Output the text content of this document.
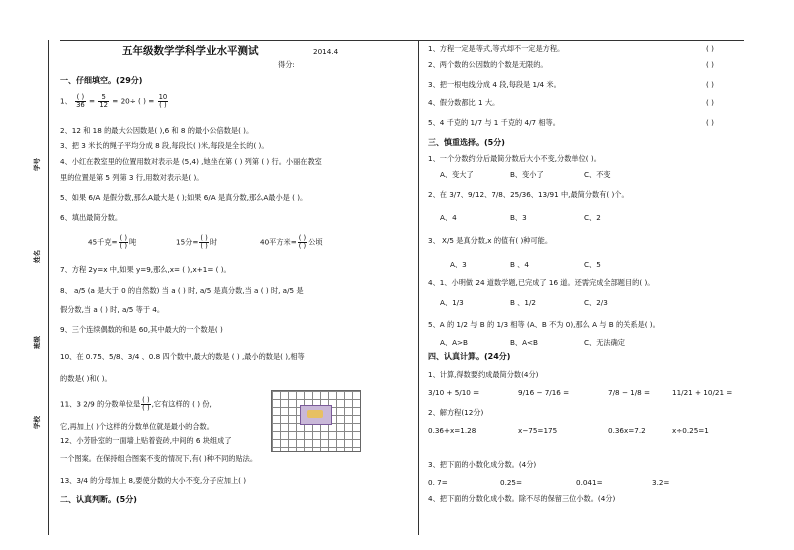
学号
姓名
班级
学校
五年级数学学科学业水平测试	2014.4
得分:
一、仔细填空。(29分)
1、 $\frac{( )}{36} = \frac{5}{12} = 20\div$ ( ) = $\frac{10}{( )}$
2、12 和 18 的最大公因数是( ),6 和 8 的最小公倍数是( )。
3、把 3 米长的绳子平均分成 8 段,每段长( )米,每段是全长的( )。
4、小红在教室里的位置用数对表示是 (5,4) ,她坐在第 ( ) 列第 ( ) 行。小丽在教室
里的位置是第 5 列第 3 行,用数对表示是( )。
5、如果 6/A 是假分数,那么A最大是 ( );如果 6/A 是真分数,那么A最小是 ( )。
6、填出最简分数。
45千克= $\frac{( )}{( )}$ 吨	15分= $\frac{( )}{( )}$ 时	40平方米= $\frac{( )}{( )}$ 公顷
7、方程 2y=x 中,如果 y=9,那么,x= ( ),x+1= ( )。
8、 a/5 (a 是大于 0 的自然数) 当 a ( ) 时, a/5 是真分数,当 a ( ) 时, a/5 是
假分数,当 a ( ) 时, a/5 等于 4。
9、三个连续偶数的和是 60,其中最大的一个数是( )
10、在 0.75、5/8、3/4 、0.8 四个数中,最大的数是 ( ) ,最小的数是( ),相等
的数是( )和( )。
11、3 2/9 的分数单位是 $\frac{( )}{( )}$ ,它有这样的 ( ) 份,
它,再加上( )个这样的分数单位就是最小的合数。
12、小芳卧室的一面墙上贴着瓷砖,中间的 6 块组成了
一个图案。在保持组合图案不变的情况下,有( )种不同的贴法。
13、3/4 的分母加上 8,要使分数的大小不变,分子应加上( )
二、认真判断。(5分)
1、方程一定是等式,等式却不一定是方程。
2、两个数的公因数的个数是无限的。
3、把一根电线分成 4 段,每段是 1/4 米。
4、假分数都比 1 大。
5、4 千克的 1/7 与 1 千克的 4/7 相等。
( )
( )
( )
( )
( )
三、慎重选择。(5分)
1、一个分数约分后最简分数后大小不变,分数单位( )。
A、变大了	B、变小了	C、不变
2、在 3/7、9/12、7/8、25/36、13/91 中,最简分数有( )个。
A、4	B、3	C、2
3、 X/5 是真分数,x 的值有( )种可能。
A、3	B 、4	C、5
4、1、小明做 24 道数学题,已完成了 16 道。还需完成全部题目的( )。
A、1/3	B 、1/2	C、2/3
5、A 的 1/2 与 B 的 1/3 相等 (A、B 不为 0),那么 A 与 B 的关系是( )。
A、A>B	B、A<B	C、无法确定
四、认真计算。(24分)
1、计算,得数要约成最简分数(4分)
3/10 + 5/10 =	9/16 − 7/16 =	7/8 − 1/8 =	11/21 + 10/21 =
2、解方程(12分)
0.36+x=1.28	x−75=175	0.36x=7.2	x÷0.25=1
3、把下面的小数化成分数。(4分)
0. 7=	0.25=	0.041=	3.2=
4、把下面的分数化成小数。除不尽的保留三位小数。(4分)
